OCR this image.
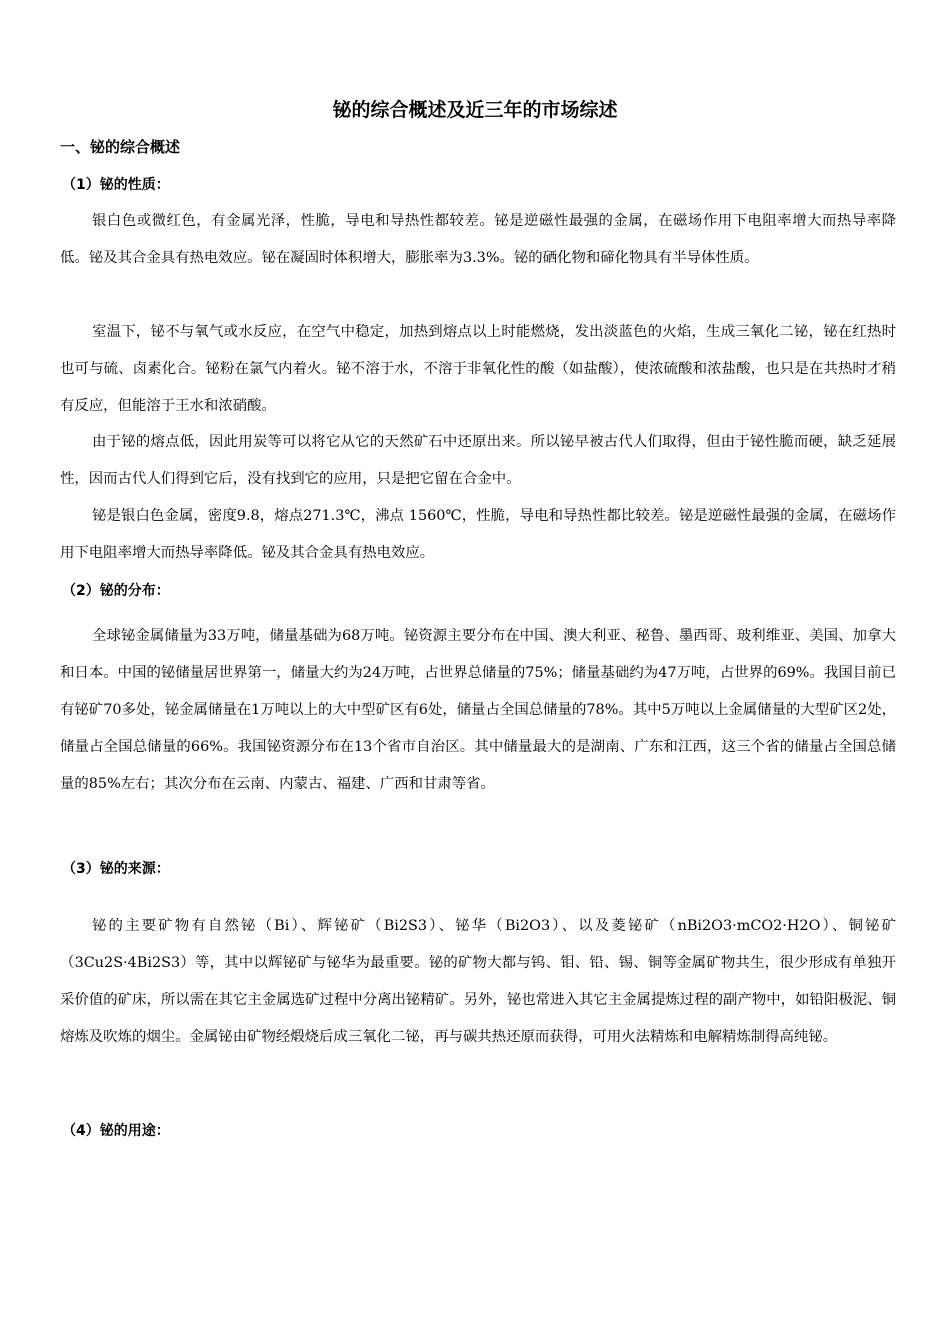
铋的综合概述及近三年的市场综述
一、铋的综合概述
（1）铋的性质：

银白色或微红色，有金属光泽，性脆，导电和导热性都较差。铋是逆磁性最强的金属，在磁场作用下电阻率增大而热导率降低。铋及其合金具有热电效应。铋在凝固时体积增大，膨胀率为3.3%。铋的硒化物和碲化物具有半导体性质。

室温下，铋不与氧气或水反应，在空气中稳定，加热到熔点以上时能燃烧，发出淡蓝色的火焰，生成三氧化二铋，铋在红热时也可与硫、卤素化合。铋粉在氯气内着火。铋不溶于水，不溶于非氧化性的酸（如盐酸），使浓硫酸和浓盐酸，也只是在共热时才稍有反应，但能溶于王水和浓硝酸。

由于铋的熔点低，因此用炭等可以将它从它的天然矿石中还原出来。所以铋早被古代人们取得，但由于铋性脆而硬，缺乏延展性，因而古代人们得到它后，没有找到它的应用，只是把它留在合金中。

铋是银白色金属，密度9.8，熔点271.3℃，沸点 1560℃，性脆，导电和导热性都比较差。铋是逆磁性最强的金属，在磁场作用下电阻率增大而热导率降低。铋及其合金具有热电效应。

（2）铋的分布：

全球铋金属储量为33万吨，储量基础为68万吨。铋资源主要分布在中国、澳大利亚、秘鲁、墨西哥、玻利维亚、美国、加拿大和日本。中国的铋储量居世界第一，储量大约为24万吨，占世界总储量的75%；储量基础约为47万吨，占世界的69%。我国目前已有铋矿70多处，铋金属储量在1万吨以上的大中型矿区有6处，储量占全国总储量的78%。其中5万吨以上金属储量的大型矿区2处，储量占全国总储量的66%。我国铋资源分布在13个省市自治区。其中储量最大的是湖南、广东和江西，这三个省的储量占全国总储量的85%左右；其次分布在云南、内蒙古、福建、广西和甘肃等省。

（3）铋的来源：

铋的主要矿物有自然铋（Bi）、辉铋矿（Bi2S3）、铋华（Bi2O3）、以及菱铋矿（nBi2O3·mCO2·H2O）、铜铋矿（3Cu2S·4Bi2S3）等，其中以辉铋矿与铋华为最重要。铋的矿物大都与钨、钼、铅、锡、铜等金属矿物共生，很少形成有单独开采价值的矿床，所以需在其它主金属选矿过程中分离出铋精矿。另外，铋也常进入其它主金属提炼过程的副产物中，如铅阳极泥、铜熔炼及吹炼的烟尘。金属铋由矿物经煅烧后成三氧化二铋，再与碳共热还原而获得，可用火法精炼和电解精炼制得高纯铋。

（4）铋的用途：
